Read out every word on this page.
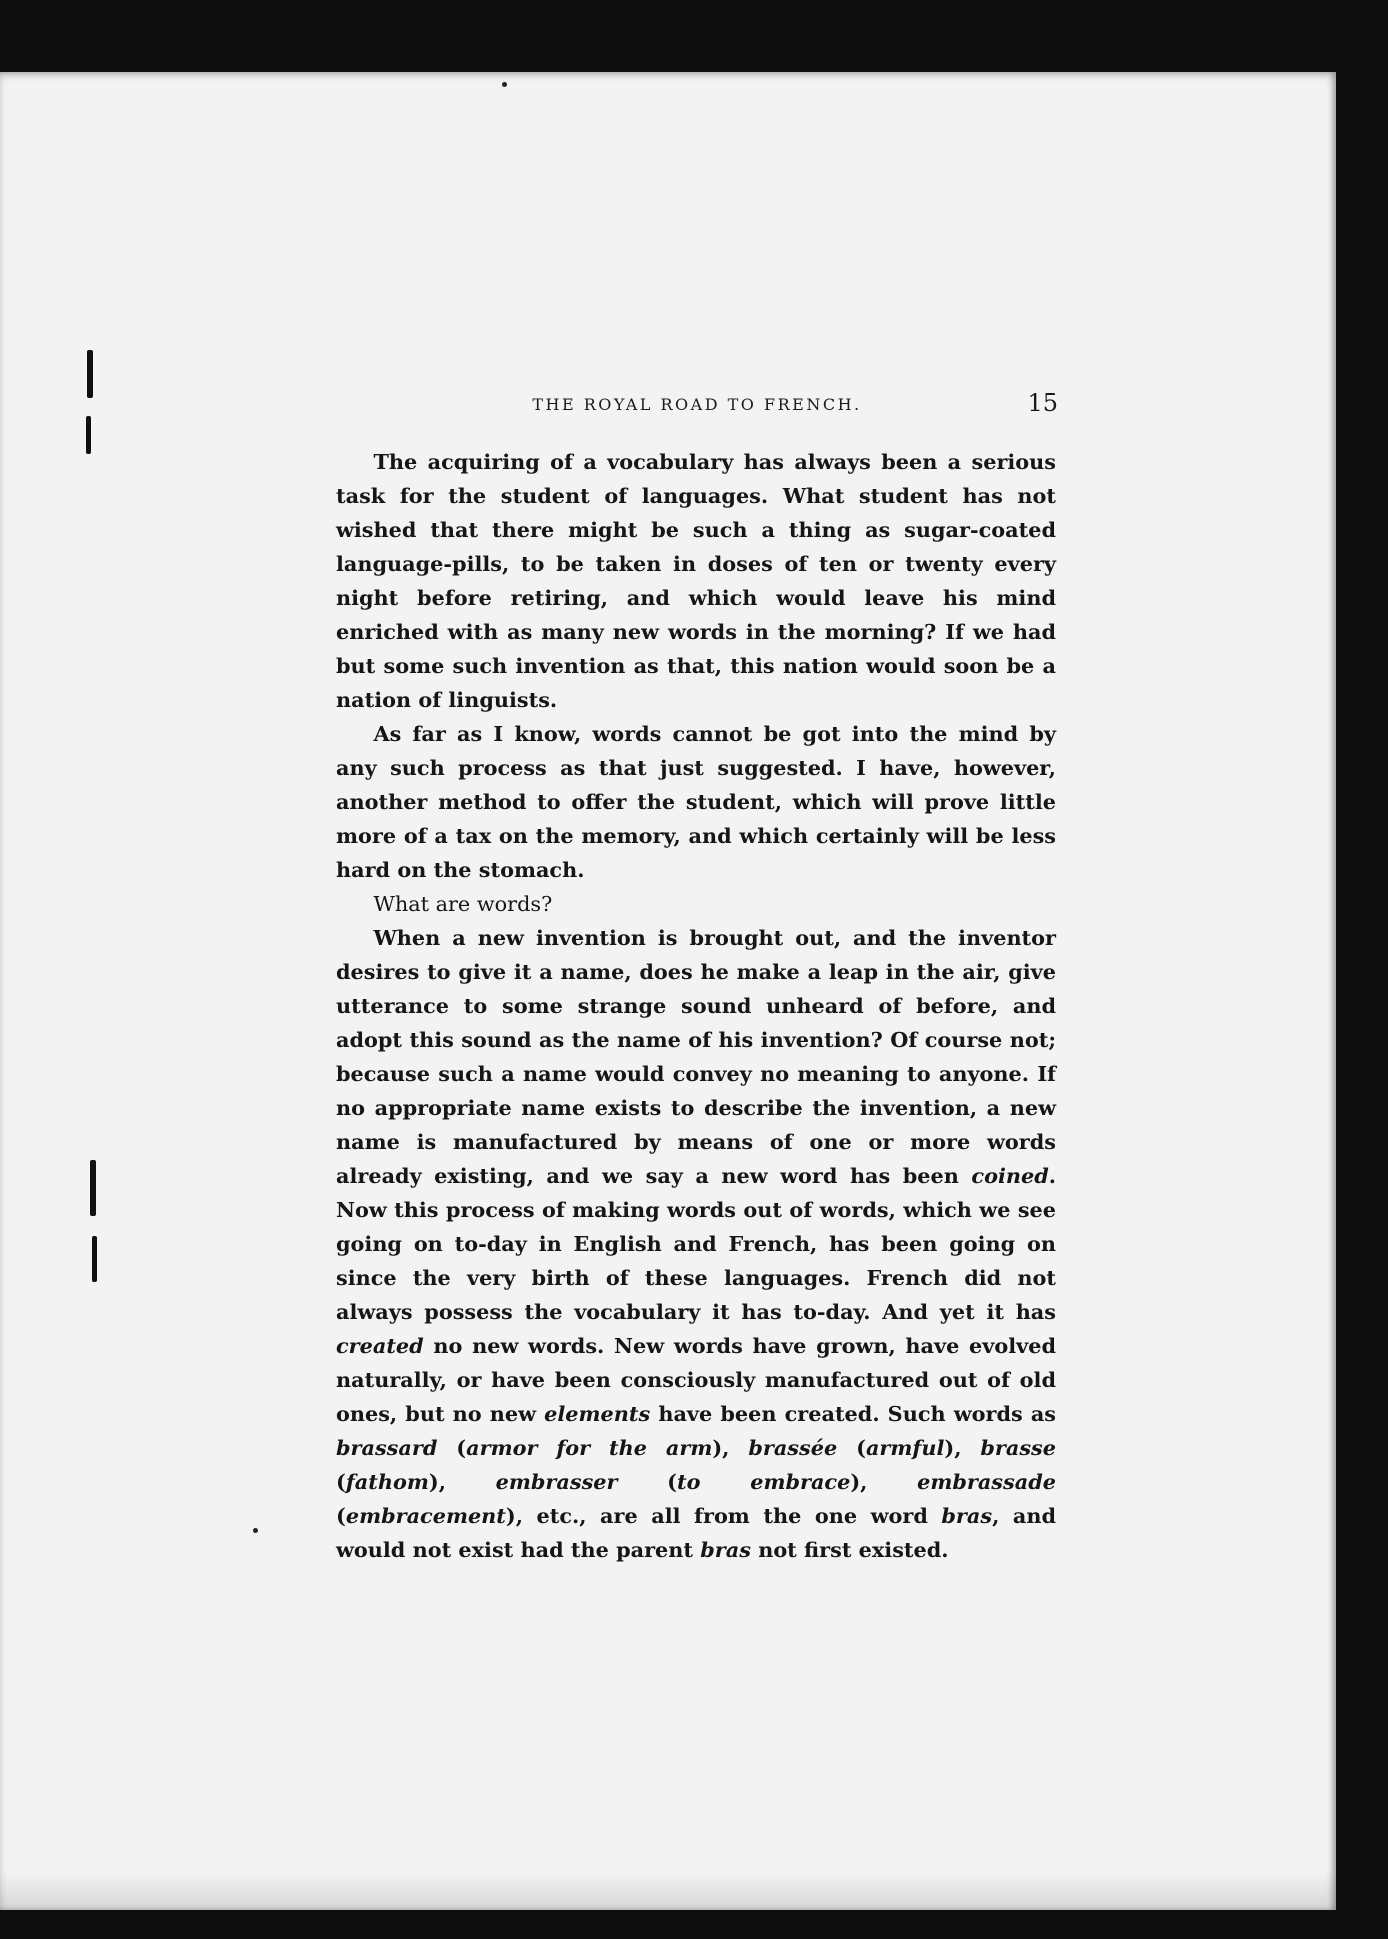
THE ROYAL ROAD TO FRENCH.	15

The acquiring of a vocabulary has always been a serious task for the student of languages. What student has not wished that there might be such a thing as sugar-coated language-pills, to be taken in doses of ten or twenty every night before retiring, and which would leave his mind enriched with as many new words in the morning? If we had but some such invention as that, this nation would soon be a nation of linguists.

As far as I know, words cannot be got into the mind by any such process as that just suggested. I have, however, another method to offer the student, which will prove little more of a tax on the memory, and which certainly will be less hard on the stomach.

What are words?

When a new invention is brought out, and the inventor desires to give it a name, does he make a leap in the air, give utterance to some strange sound unheard of before, and adopt this sound as the name of his invention? Of course not; because such a name would convey no meaning to anyone. If no appropriate name exists to describe the invention, a new name is manufactured by means of one or more words already existing, and we say a new word has been coined. Now this process of making words out of words, which we see going on to-day in English and French, has been going on since the very birth of these languages. French did not always possess the vocabulary it has to-day. And yet it has created no new words. New words have grown, have evolved naturally, or have been consciously manufactured out of old ones, but no new elements have been created. Such words as brassard (armor for the arm), brassée (armful), brasse (fathom), embrasser (to embrace), embrassade (embracement), etc., are all from the one word bras, and would not exist had the parent bras not first existed.
